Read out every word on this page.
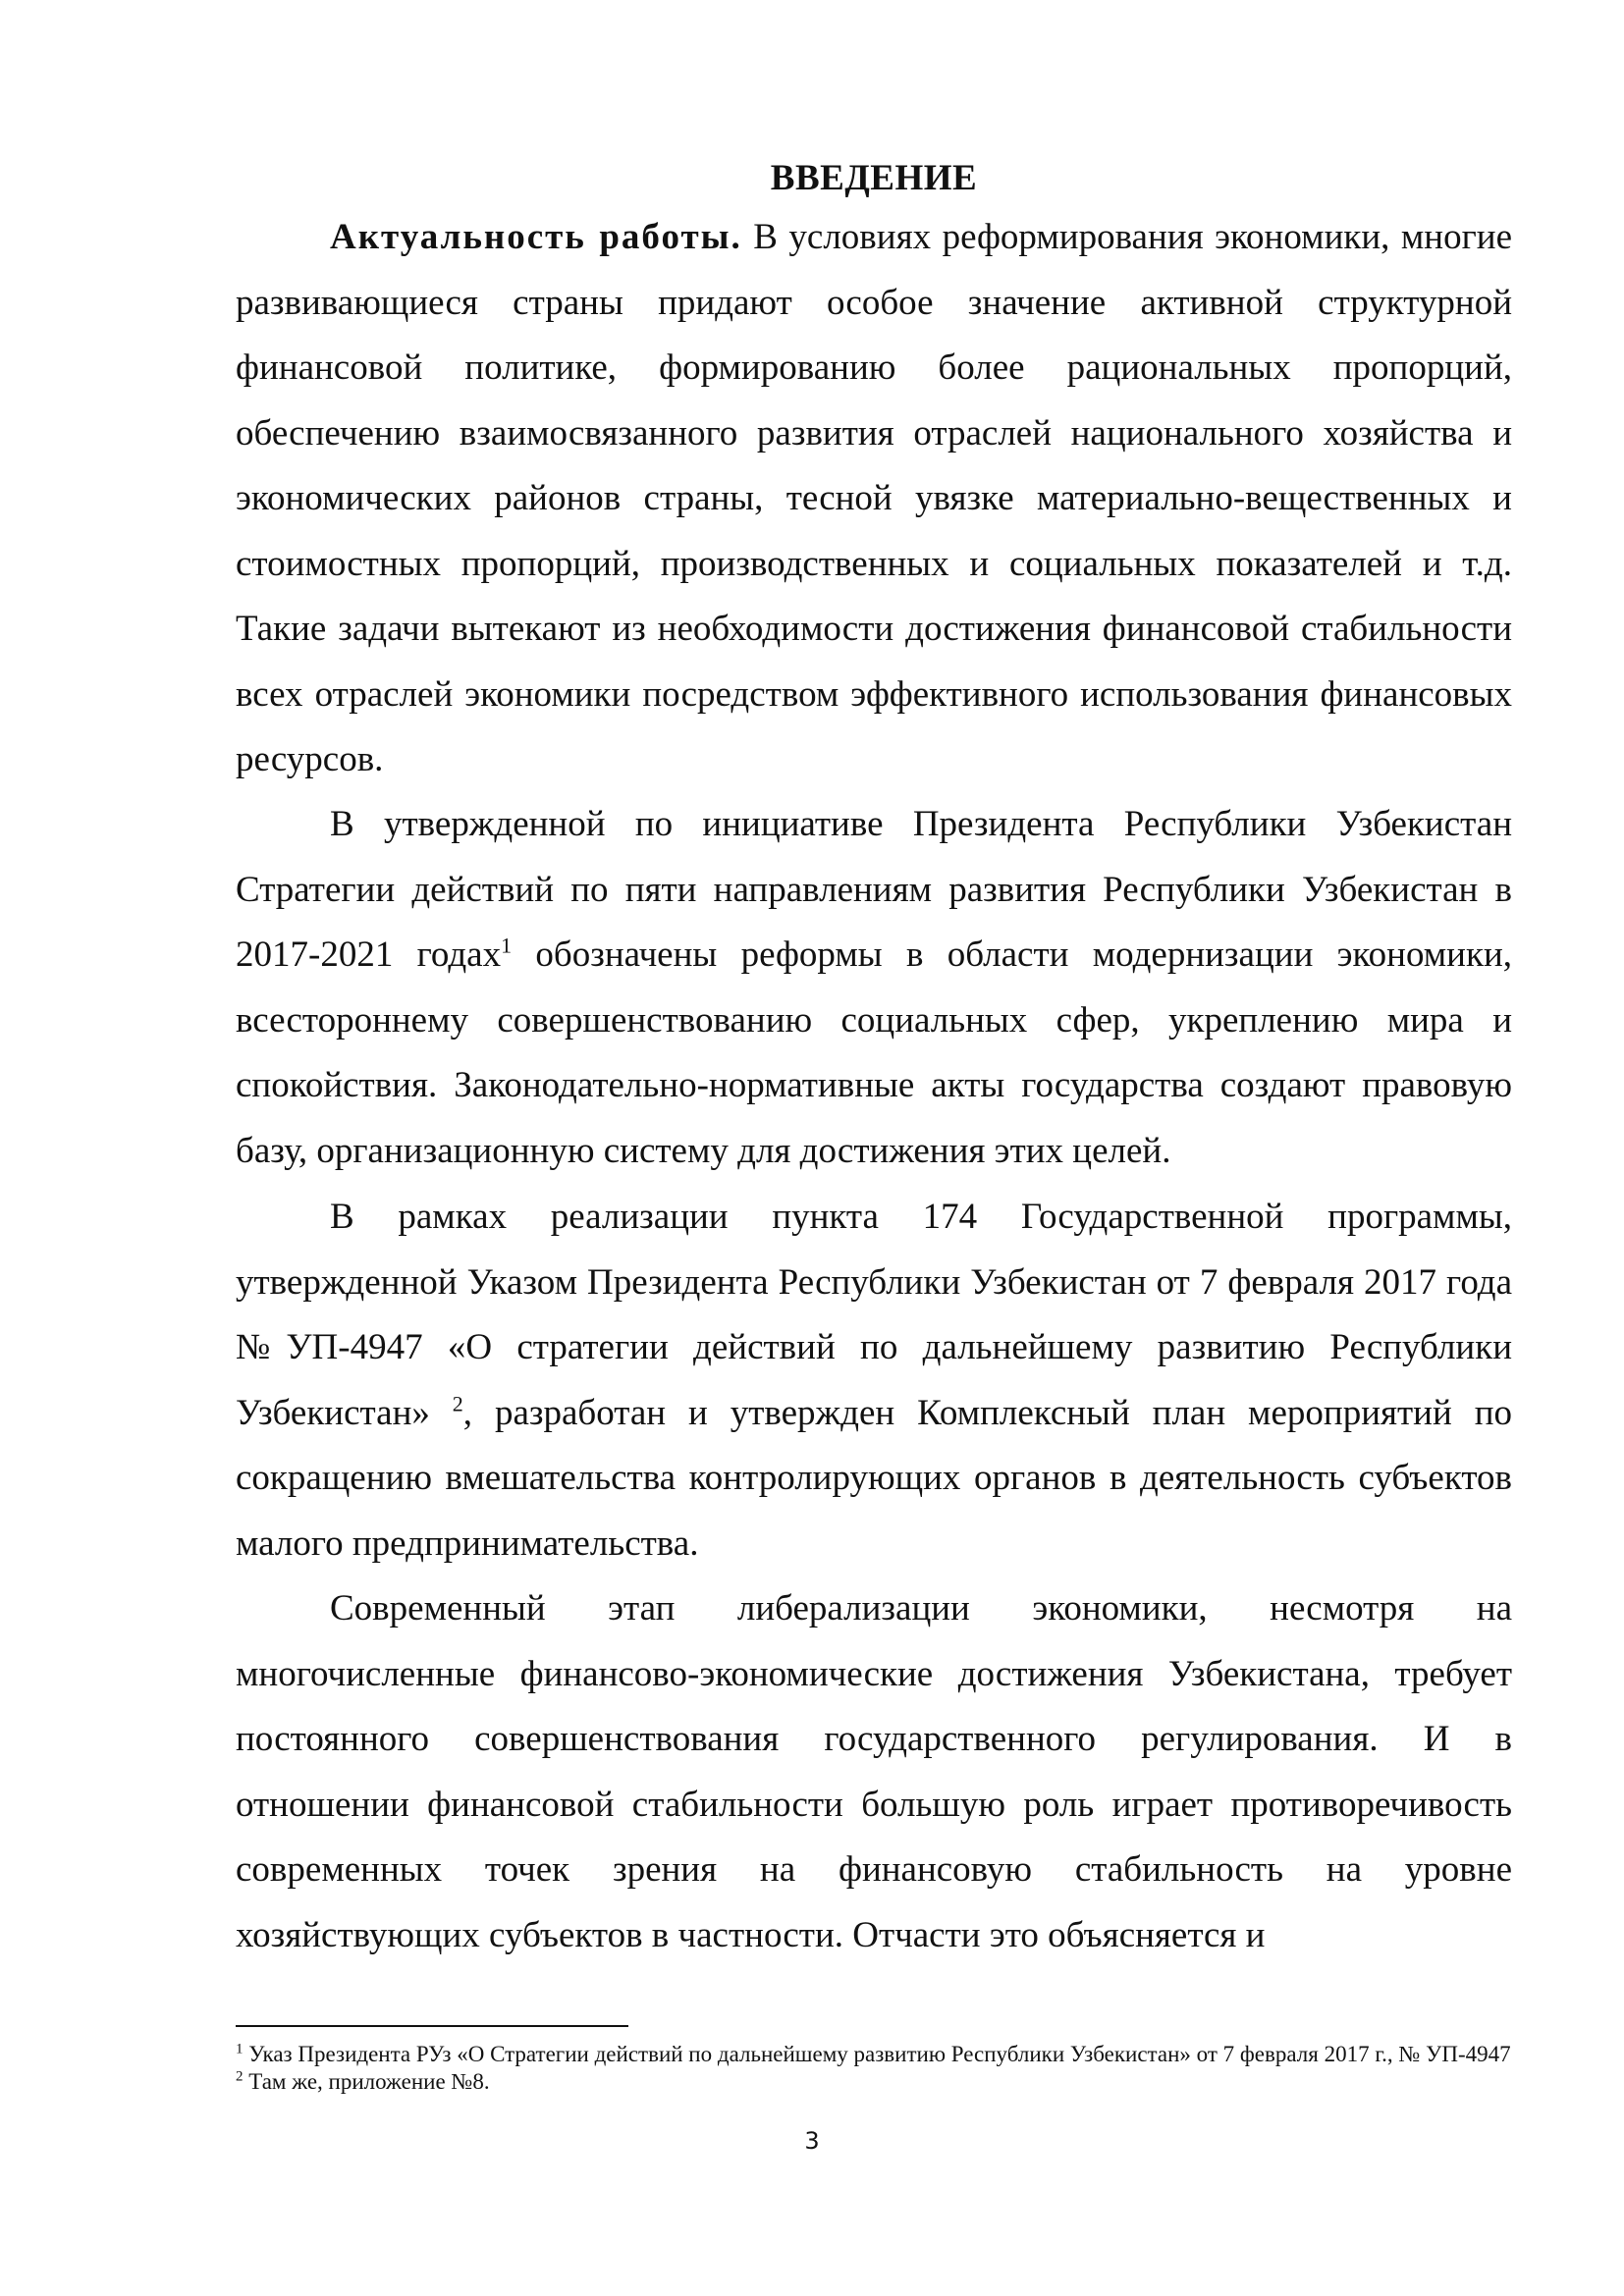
ВВЕДЕНИЕ

Актуальность работы. В условиях реформирования экономики, многие развивающиеся страны придают особое значение активной структурной финансовой политике, формированию более рациональных пропорций, обеспечению взаимосвязанного развития отраслей национального хозяйства и экономических районов страны, тесной увязке материально-вещественных и стоимостных пропорций, производственных и социальных показателей и т.д. Такие задачи вытекают из необходимости достижения финансовой стабильности всех отраслей экономики посредством эффективного использования финансовых ресурсов.

В утвержденной по инициативе Президента Республики Узбекистан Стратегии действий по пяти направлениям развития Республики Узбекистан в 2017-2021 годах$^1$ обозначены реформы в области модернизации экономики, всестороннему совершенствованию социальных сфер, укреплению мира и спокойствия. Законодательно-нормативные акты государства создают правовую базу, организационную систему для достижения этих целей.

В рамках реализации пункта 174 Государственной программы, утвержденной Указом Президента Республики Узбекистан от 7 февраля 2017 года №УП-4947 «О стратегии действий по дальнейшему развитию Республики Узбекистан» $^2$, разработан и утвержден Комплексный план мероприятий по сокращению вмешательства контролирующих органов в деятельность субъектов малого предпринимательства.

Современный этап либерализации экономики, несмотря на многочисленные финансово-экономические достижения Узбекистана, требует постоянного совершенствования государственного регулирования. И в отношении финансовой стабильности большую роль играет противоречивость современных точек зрения на финансовую стабильность на уровне хозяйствующих субъектов в частности. Отчасти это объясняется и

$^1$ Указ Президента РУз «О Стратегии действий по дальнейшему развитию Республики Узбекистан» от 7 февраля 2017 г., № УП-4947

$^2$ Там же, приложение №8.

3
